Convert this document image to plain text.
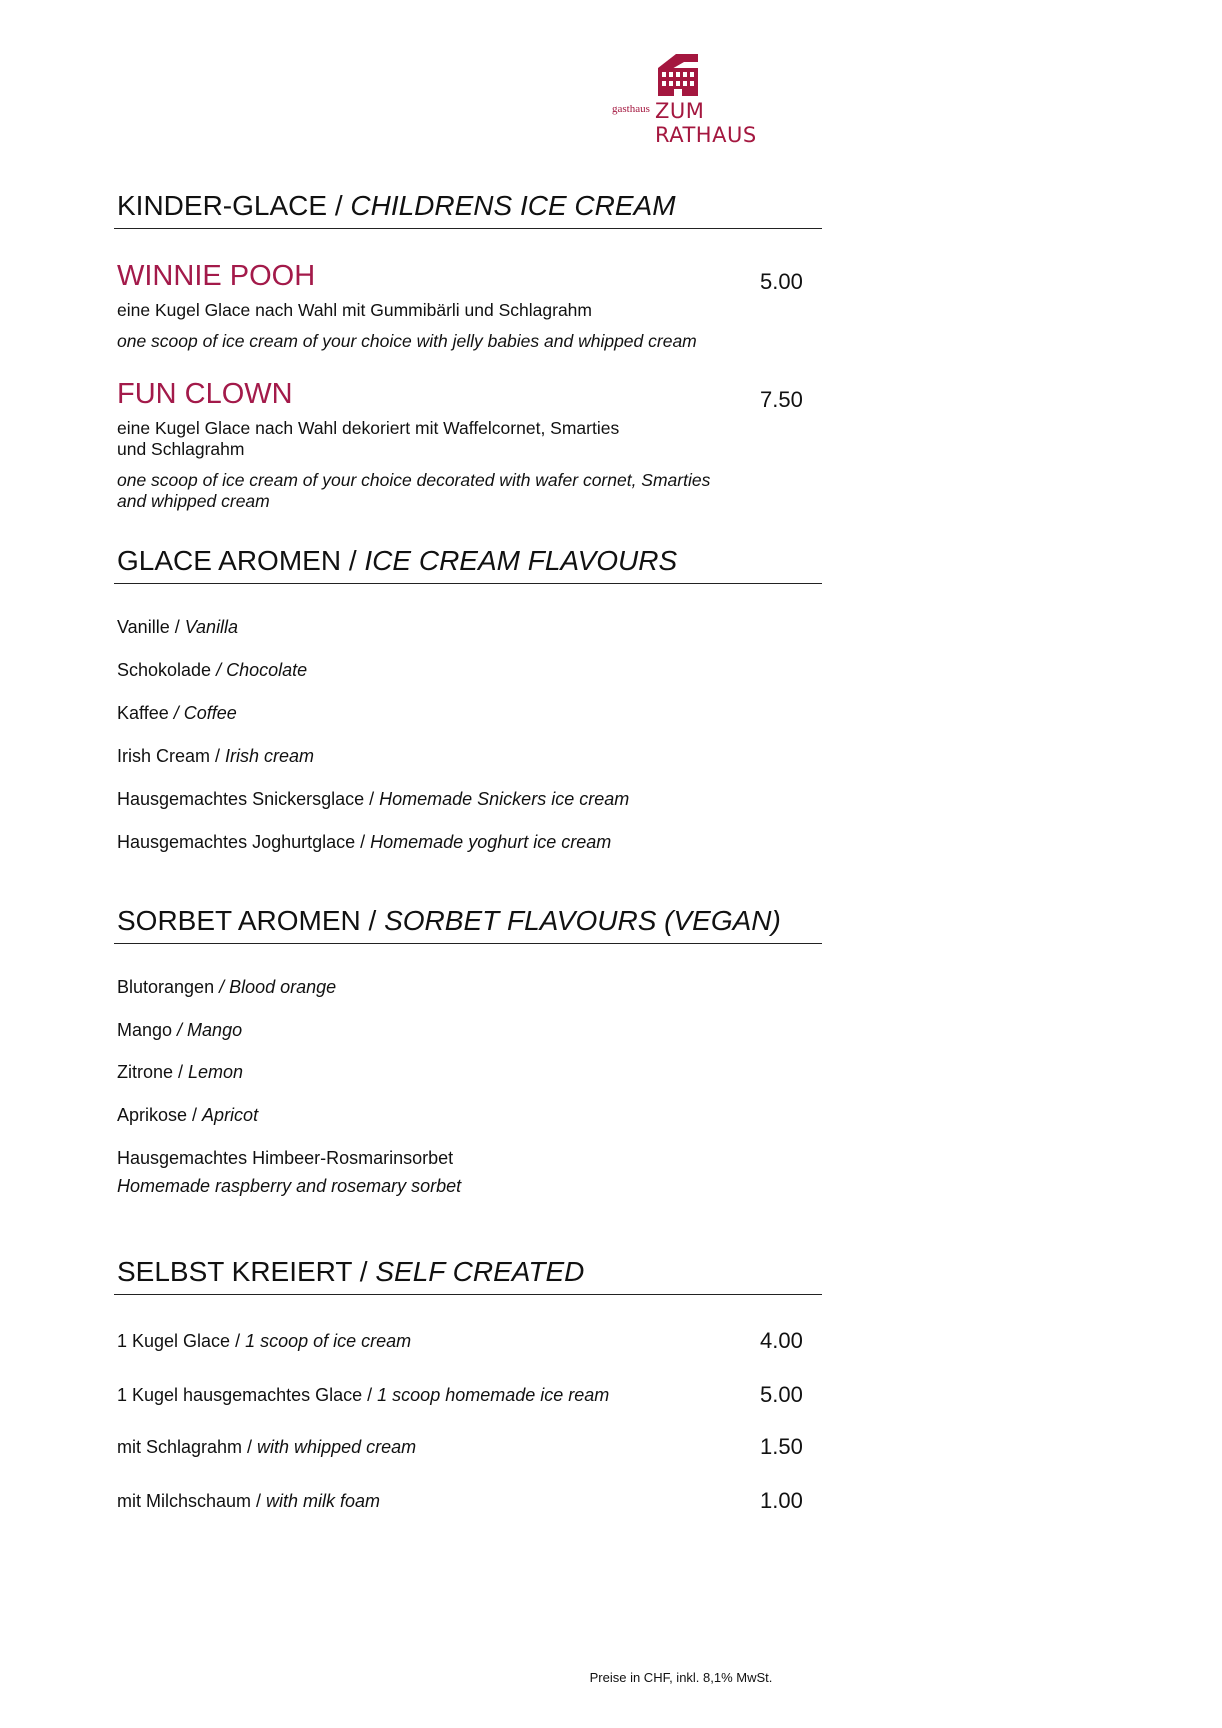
gasthaus ZUM RATHAUS
KINDER-GLACE / CHILDRENS ICE CREAM
WINNIE POOH	5.00
eine Kugel Glace nach Wahl mit Gummibärli und Schlagrahm
one scoop of ice cream of your choice with jelly babies and whipped cream
FUN CLOWN	7.50
eine Kugel Glace nach Wahl dekoriert mit Waffelcornet, Smarties
und Schlagrahm
one scoop of ice cream of your choice decorated with wafer cornet, Smarties
and whipped cream
GLACE AROMEN / ICE CREAM FLAVOURS
Vanille / Vanilla
Schokolade / Chocolate
Kaffee / Coffee
Irish Cream / Irish cream
Hausgemachtes Snickersglace / Homemade Snickers ice cream
Hausgemachtes Joghurtglace / Homemade yoghurt ice cream
SORBET AROMEN / SORBET FLAVOURS (VEGAN)
Blutorangen / Blood orange
Mango / Mango
Zitrone / Lemon
Aprikose / Apricot
Hausgemachtes Himbeer-Rosmarinsorbet
Homemade raspberry and rosemary sorbet
SELBST KREIERT / SELF CREATED
1 Kugel Glace / 1 scoop of ice cream	4.00
1 Kugel hausgemachtes Glace / 1 scoop homemade ice ream	5.00
mit Schlagrahm / with whipped cream	1.50
mit Milchschaum / with milk foam	1.00
Preise in CHF, inkl. 8,1% MwSt.
